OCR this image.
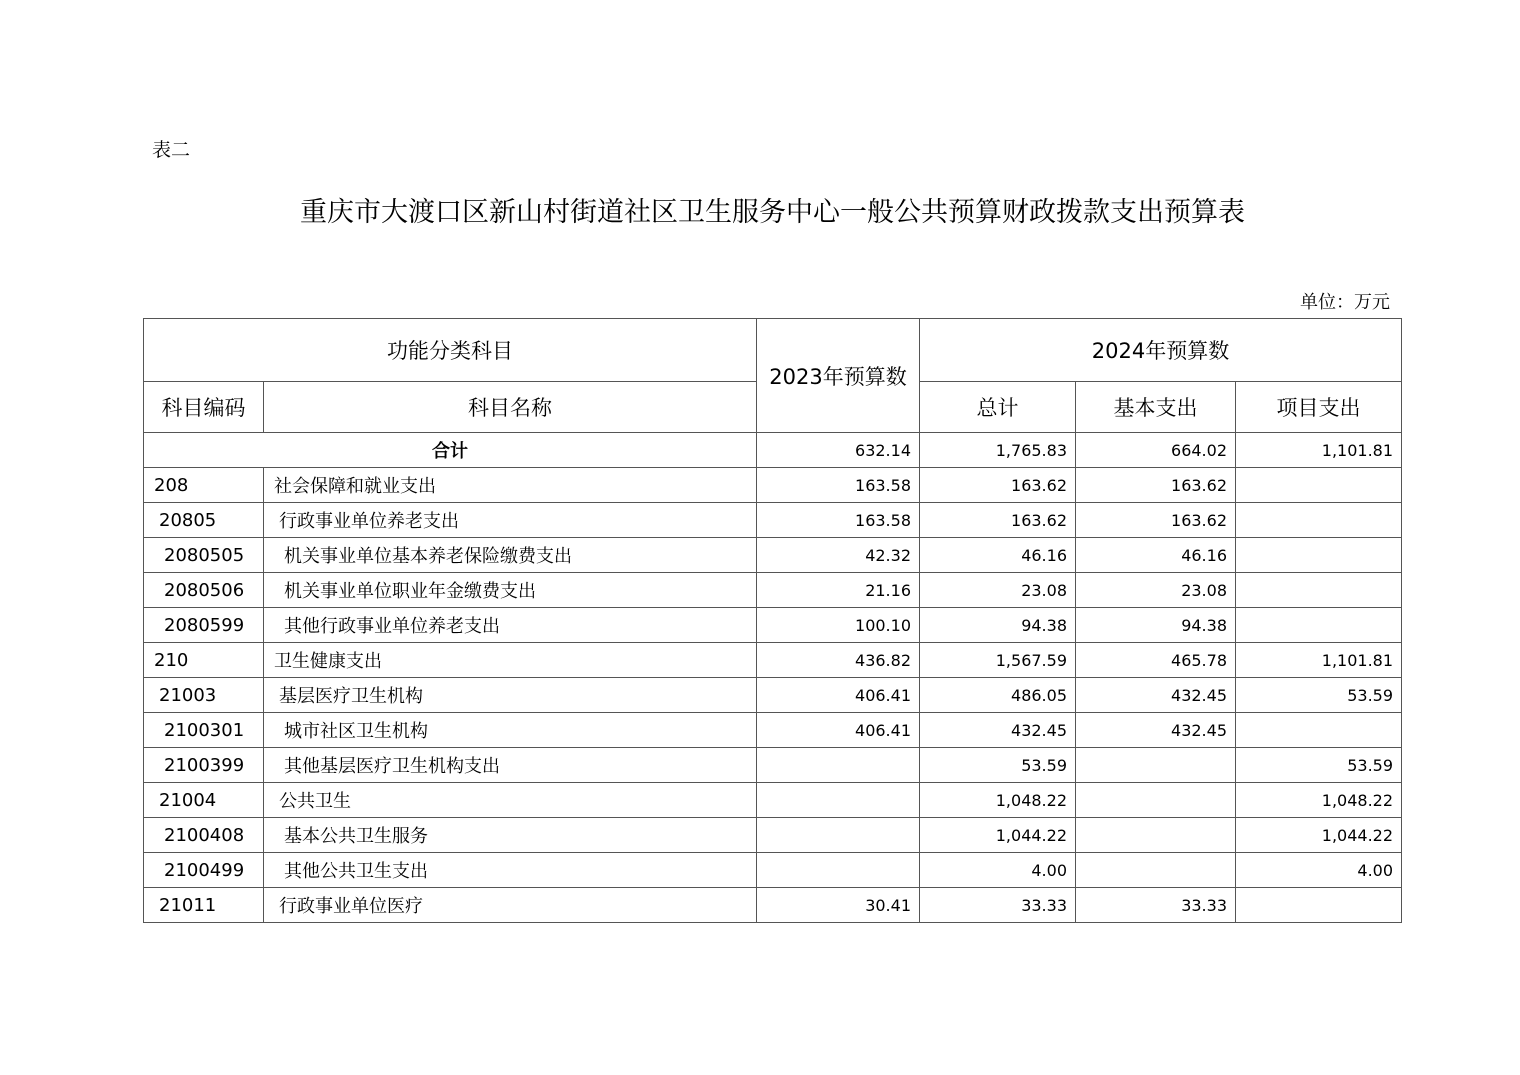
表二
重庆市大渡口区新山村街道社区卫生服务中心一般公共预算财政拨款支出预算表
单位：万元
功能分类科目		2023年预算数	2024年预算数		
科目编码	科目名称		总计	基本支出	项目支出
合计		632.14	1,765.83	664.02	1,101.81
208	社会保障和就业支出	163.58	163.62	163.62	
20805	行政事业单位养老支出	163.58	163.62	163.62	
2080505	机关事业单位基本养老保险缴费支出	42.32	46.16	46.16	
2080506	机关事业单位职业年金缴费支出	21.16	23.08	23.08	
2080599	其他行政事业单位养老支出	100.10	94.38	94.38	
210	卫生健康支出	436.82	1,567.59	465.78	1,101.81
21003	基层医疗卫生机构	406.41	486.05	432.45	53.59
2100301	城市社区卫生机构	406.41	432.45	432.45	
2100399	其他基层医疗卫生机构支出		53.59		53.59
21004	公共卫生		1,048.22		1,048.22
2100408	基本公共卫生服务		1,044.22		1,044.22
2100499	其他公共卫生支出		4.00		4.00
21011	行政事业单位医疗	30.41	33.33	33.33	
